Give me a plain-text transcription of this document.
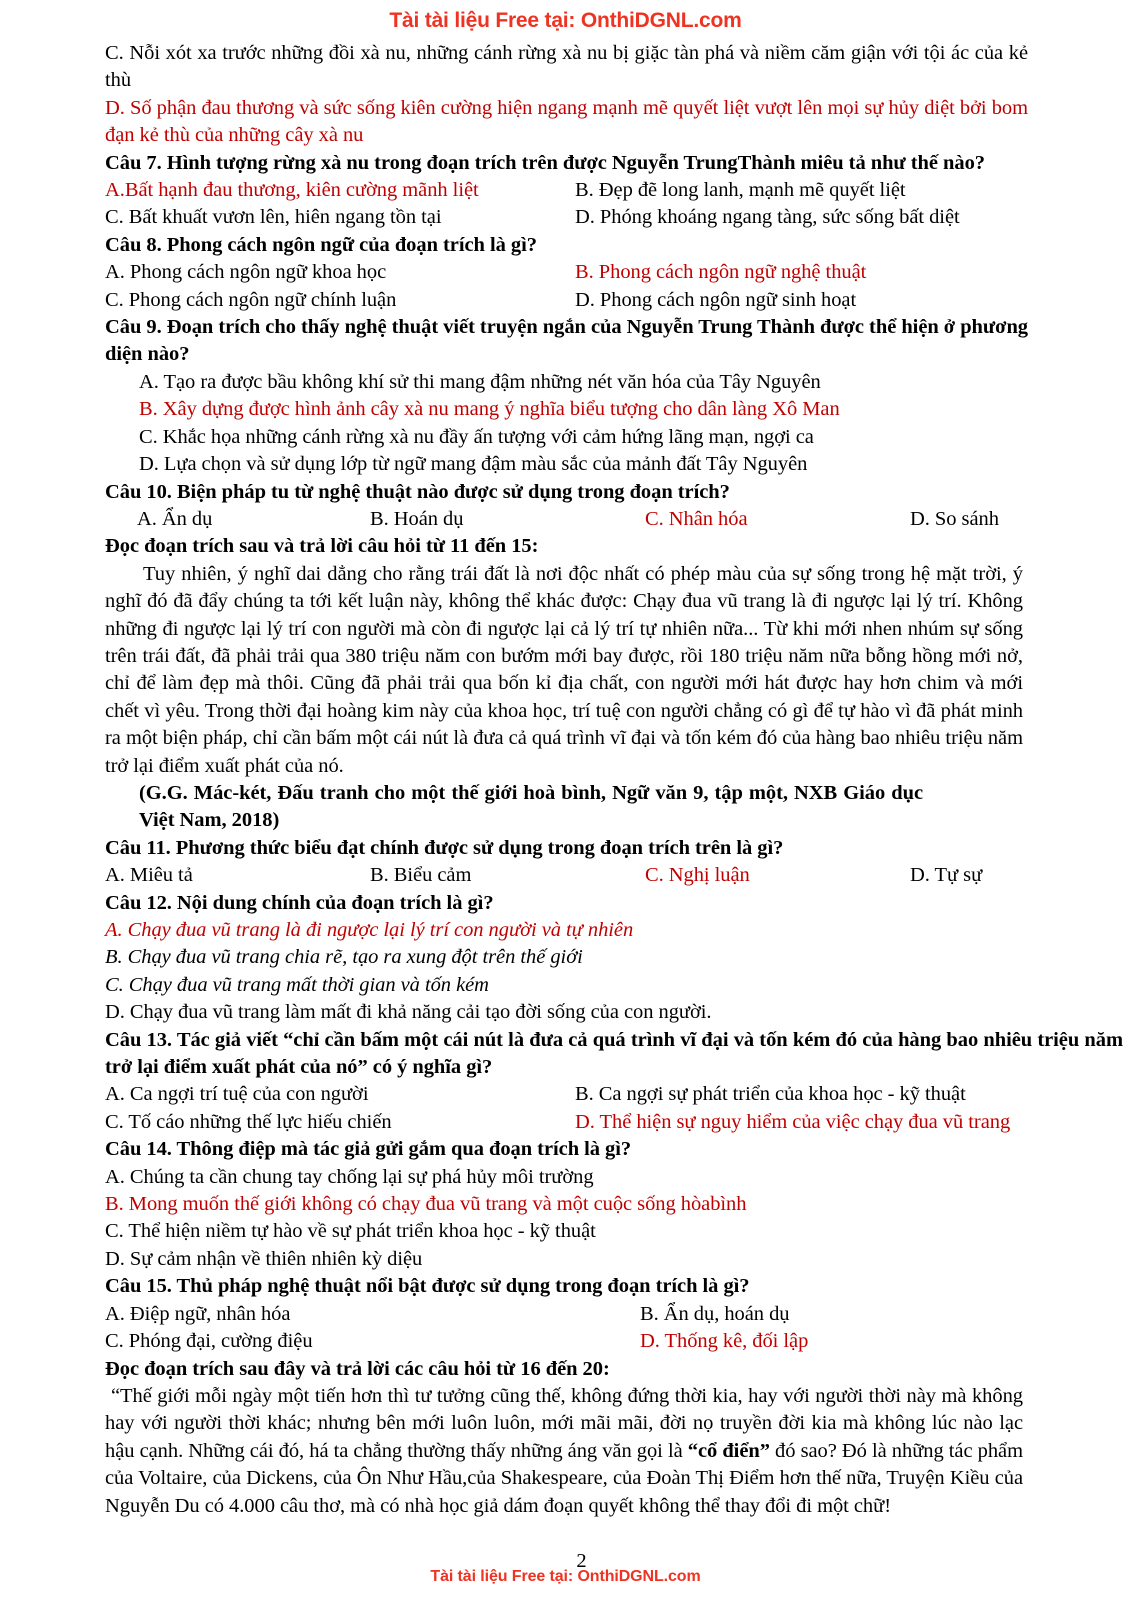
Tài tài liệu Free tại: OnthiDGNL.com
C. Nỗi xót xa trước những đồi xà nu, những cánh rừng xà nu bị giặc tàn phá và niềm căm giận với tội ác của kẻ thù
D. Số phận đau thương và sức sống kiên cường hiện ngang mạnh mẽ quyết liệt vượt lên mọi sự hủy diệt bởi bom đạn kẻ thù của những cây xà nu
Câu 7. Hình tượng rừng xà nu trong đoạn trích trên được Nguyễn TrungThành miêu tả như thế nào?
A.Bất hạnh đau thương, kiên cường mãnh liệt	B. Đẹp đẽ long lanh, mạnh mẽ quyết liệt
C. Bất khuất vươn lên, hiên ngang tồn tại	D. Phóng khoáng ngang tàng, sức sống bất diệt
Câu 8. Phong cách ngôn ngữ của đoạn trích là gì?
A. Phong cách ngôn ngữ khoa học	B. Phong cách ngôn ngữ nghệ thuật
C. Phong cách ngôn ngữ chính luận	D. Phong cách ngôn ngữ sinh hoạt
Câu 9. Đoạn trích cho thấy nghệ thuật viết truyện ngắn của Nguyễn Trung Thành được thể hiện ở phương diện nào?
A. Tạo ra được bầu không khí sử thi mang đậm những nét văn hóa của Tây Nguyên
B. Xây dựng được hình ảnh cây xà nu mang ý nghĩa biểu tượng cho dân làng Xô Man
C. Khắc họa những cánh rừng xà nu đầy ấn tượng với cảm hứng lãng mạn, ngợi ca
D. Lựa chọn và sử dụng lớp từ ngữ mang đậm màu sắc của mảnh đất Tây Nguyên
Câu 10. Biện pháp tu từ nghệ thuật nào được sử dụng trong đoạn trích?
A. Ẩn dụ	B. Hoán dụ	C. Nhân hóa	D. So sánh
Đọc đoạn trích sau và trả lời câu hỏi từ 11 đến 15:
Tuy nhiên, ý nghĩ dai dẳng cho rằng trái đất là nơi độc nhất có phép màu của sự sống trong hệ mặt trời, ý nghĩ đó đã đẩy chúng ta tới kết luận này, không thể khác được: Chạy đua vũ trang là đi ngược lại lý trí. Không những đi ngược lại lý trí con người mà còn đi ngược lại cả lý trí tự nhiên nữa... Từ khi mới nhen nhúm sự sống trên trái đất, đã phải trải qua 380 triệu năm con bướm mới bay được, rồi 180 triệu năm nữa bỗng hồng mới nở, chỉ để làm đẹp mà thôi. Cũng đã phải trải qua bốn kỉ địa chất, con người mới hát được hay hơn chim và mới chết vì yêu. Trong thời đại hoàng kim này của khoa học, trí tuệ con người chẳng có gì để tự hào vì đã phát minh ra một biện pháp, chỉ cần bấm một cái nút là đưa cả quá trình vĩ đại và tốn kém đó của hàng bao nhiêu triệu năm trở lại điểm xuất phát của nó.
(G.G. Mác-két, Đấu tranh cho một thế giới hoà bình, Ngữ văn 9, tập một, NXB Giáo dục Việt Nam, 2018)
Câu 11. Phương thức biểu đạt chính được sử dụng trong đoạn trích trên là gì?
A. Miêu tả	B. Biểu cảm	C. Nghị luận	D. Tự sự
Câu 12. Nội dung chính của đoạn trích là gì?
A. Chạy đua vũ trang là đi ngược lại lý trí con người và tự nhiên
B. Chạy đua vũ trang chia rẽ, tạo ra xung đột trên thế giới
C. Chạy đua vũ trang mất thời gian và tốn kém
D. Chạy đua vũ trang làm mất đi khả năng cải tạo đời sống của con người.
Câu 13. Tác giả viết “chỉ cần bấm một cái nút là đưa cả quá trình vĩ đại và tốn kém đó của hàng bao nhiêu triệu năm trở lại điểm xuất phát của nó” có ý nghĩa gì?
A. Ca ngợi trí tuệ của con người	B. Ca ngợi sự phát triển của khoa học - kỹ thuật
C. Tố cáo những thế lực hiếu chiến	D. Thể hiện sự nguy hiểm của việc chạy đua vũ trang
Câu 14. Thông điệp mà tác giả gửi gắm qua đoạn trích là gì?
A. Chúng ta cần chung tay chống lại sự phá hủy môi trường
B. Mong muốn thế giới không có chạy đua vũ trang và một cuộc sống hòabình
C. Thể hiện niềm tự hào về sự phát triển khoa học - kỹ thuật
D. Sự cảm nhận về thiên nhiên kỳ diệu
Câu 15. Thủ pháp nghệ thuật nổi bật được sử dụng trong đoạn trích là gì?
A. Điệp ngữ, nhân hóa	B. Ẩn dụ, hoán dụ
C. Phóng đại, cường điệu	D. Thống kê, đối lập
Đọc đoạn trích sau đây và trả lời các câu hỏi từ 16 đến 20:
“Thế giới mỗi ngày một tiến hơn thì tư tưởng cũng thế, không đứng thời kia, hay với người thời này mà không hay với người thời khác; nhưng bên mới luôn luôn, mới mãi mãi, đời nọ truyền đời kia mà không lúc nào lạc hậu cạnh. Những cái đó, há ta chẳng thường thấy những áng văn gọi là “cổ điển” đó sao? Đó là những tác phẩm của Voltaire, của Dickens, của Ôn Như Hầu,của Shakespeare, của Đoàn Thị Điểm hơn thế nữa, Truyện Kiều của Nguyễn Du có 4.000 câu thơ, mà có nhà học giả dám đoạn quyết không thể thay đổi đi một chữ!
2
Tài tài liệu Free tại: OnthiDGNL.com
